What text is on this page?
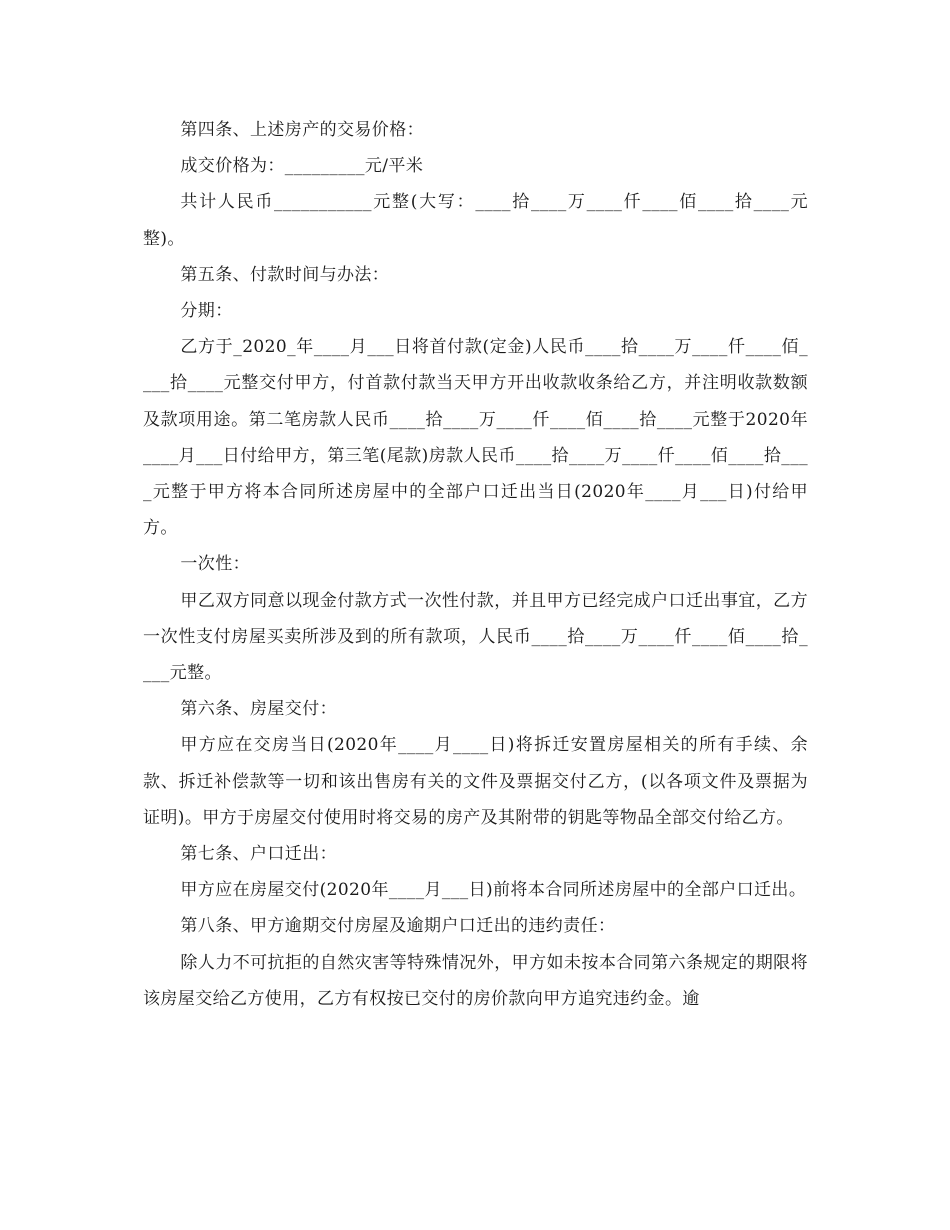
第四条、上述房产的交易价格：

成交价格为：_________元/平米

共计人民币___________元整(大写：____拾____万____仟____佰____拾____元整)。

第五条、付款时间与办法：

分期：

乙方于_2020_年____月___日将首付款(定金)人民币____拾____万____仟____佰____拾____元整交付甲方，付首款付款当天甲方开出收款收条给乙方，并注明收款数额及款项用途。第二笔房款人民币____拾____万____仟____佰____拾____元整于2020年____月___日付给甲方，第三笔(尾款)房款人民币____拾____万____仟____佰____拾____元整于甲方将本合同所述房屋中的全部户口迁出当日(2020年____月___日)付给甲方。

一次性：

甲乙双方同意以现金付款方式一次性付款，并且甲方已经完成户口迁出事宜，乙方一次性支付房屋买卖所涉及到的所有款项，人民币____拾____万____仟____佰____拾____元整。

第六条、房屋交付：

甲方应在交房当日(2020年____月____日)将拆迁安置房屋相关的所有手续、余款、拆迁补偿款等一切和该出售房有关的文件及票据交付乙方，(以各项文件及票据为证明)。甲方于房屋交付使用时将交易的房产及其附带的钥匙等物品全部交付给乙方。

第七条、户口迁出：

甲方应在房屋交付(2020年____月___日)前将本合同所述房屋中的全部户口迁出。

第八条、甲方逾期交付房屋及逾期户口迁出的违约责任：

除人力不可抗拒的自然灾害等特殊情况外，甲方如未按本合同第六条规定的期限将该房屋交给乙方使用，乙方有权按已交付的房价款向甲方追究违约金。逾
